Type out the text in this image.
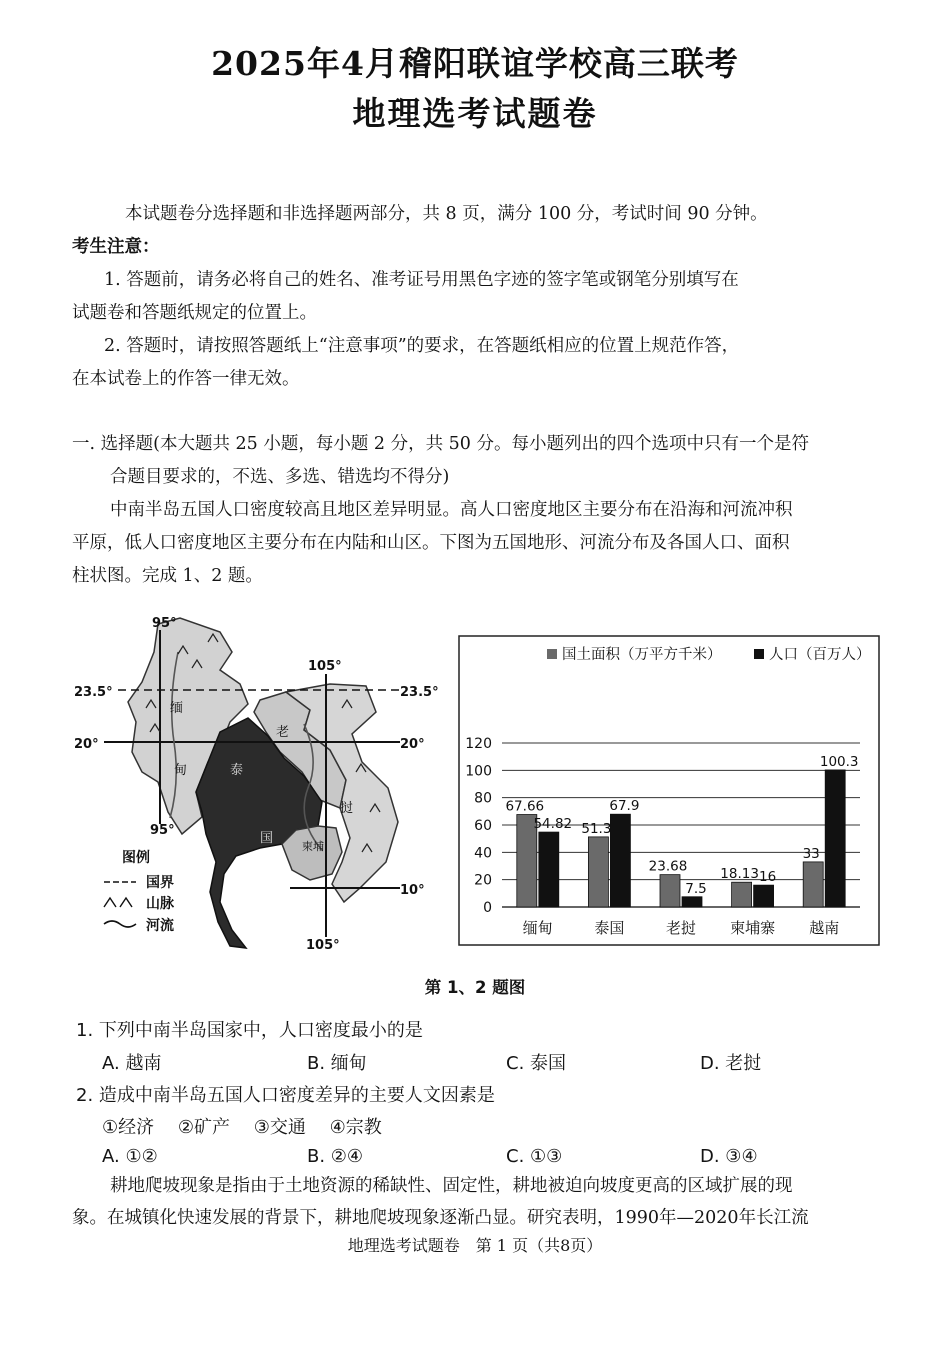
2025年4月稽阳联谊学校高三联考
地理选考试题卷
本试题卷分选择题和非选择题两部分，共 8 页，满分 100 分，考试时间 90 分钟。
考生注意：
1. 答题前，请务必将自己的姓名、准考证号用黑色字迹的签字笔或钢笔分别填写在
试题卷和答题纸规定的位置上。
2. 答题时，请按照答题纸上“注意事项”的要求，在答题纸相应的位置上规范作答，
在本试卷上的作答一律无效。
一. 选择题(本大题共 25 小题，每小题 2 分，共 50 分。每小题列出的四个选项中只有一个是符
合题目要求的，不选、多选、错选均不得分)
中南半岛五国人口密度较高且地区差异明显。高人口密度地区主要分布在沿海和河流冲积
平原，低人口密度地区主要分布在内陆和山区。下图为五国地形、河流分布及各国人口、面积
柱状图。完成 1、2 题。
缅
甸	泰
国
老
挝
柬埔
95°
105°
23.5°	23.5°
20°	20°
95°
10°
105°
图例
国界
山脉
河流
国土面积（万平方千米）	人口（百万人）
0
20
40
60
80
100
120
67.66
54.82
缅甸
51.3
67.9
泰国
23.68
7.5
老挝
18.13 16
柬埔寨
33
100.3
越南
第 1、2 题图
1. 下列中南半岛国家中，人口密度最小的是
A. 越南	B. 缅甸	C. 泰国	D. 老挝
2. 造成中南半岛五国人口密度差异的主要人文因素是
①经济　 ②矿产　 ③交通　 ④宗教
A. ①②	B. ②④	C. ①③	D. ③④
耕地爬坡现象是指由于土地资源的稀缺性、固定性，耕地被迫向坡度更高的区域扩展的现
象。在城镇化快速发展的背景下，耕地爬坡现象逐渐凸显。研究表明，1990年—2020年长江流
地理选考试题卷　第 1 页（共8页）
